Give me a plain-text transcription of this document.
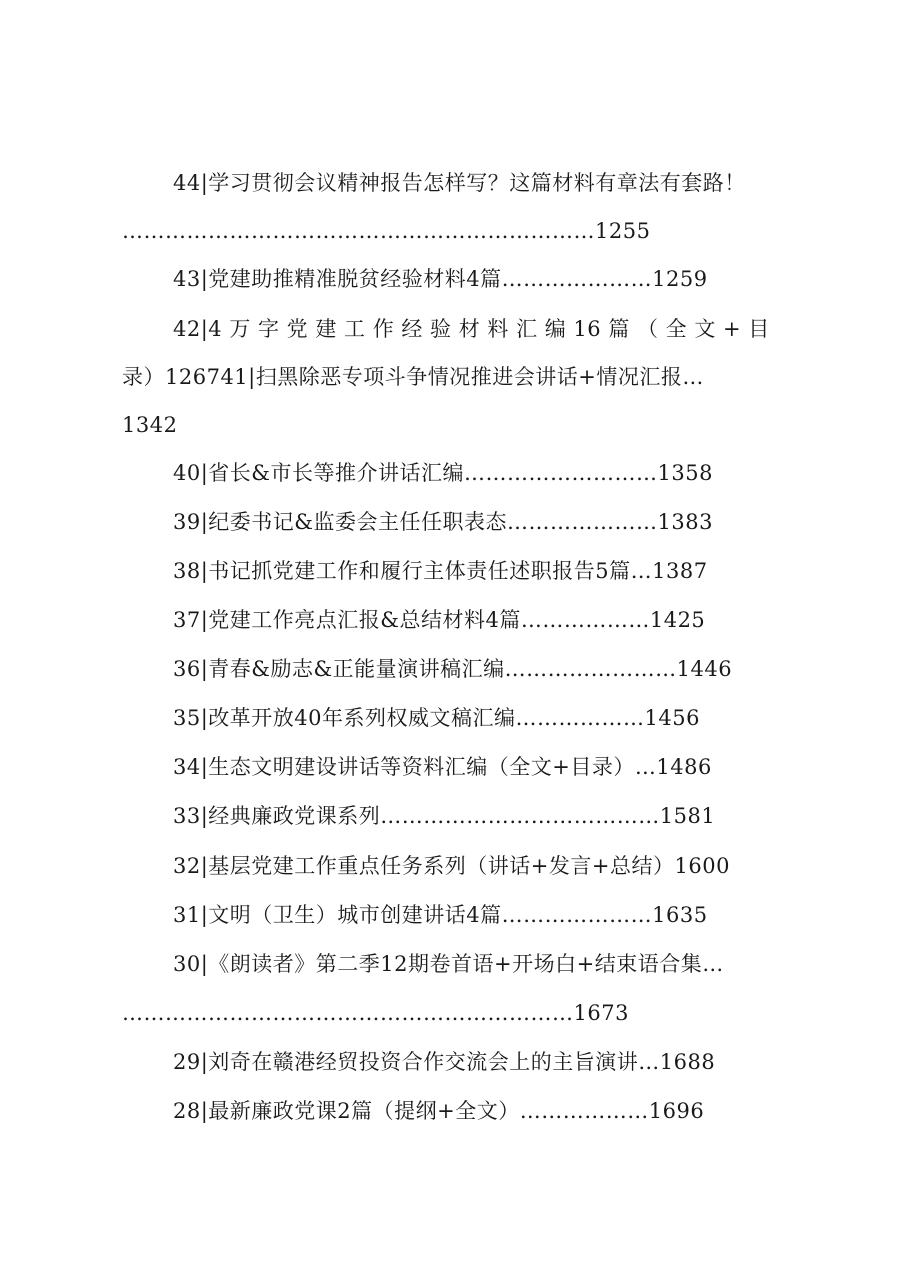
44|学习贯彻会议精神报告怎样写？这篇材料有章法有套路！
…………………………………………………………1255
43|党建助推精准脱贫经验材料4篇…………………1259
42|4 万 字 党 建 工 作 经 验 材 料 汇 编 16 篇 （ 全 文 + 目
录）126741|扫黑除恶专项斗争情况推进会讲话+情况汇报…
1342
40|省长&市长等推介讲话汇编………………………1358
39|纪委书记&监委会主任任职表态…………………1383
38|书记抓党建工作和履行主体责任述职报告5篇…1387
37|党建工作亮点汇报&总结材料4篇………………1425
36|青春&励志&正能量演讲稿汇编……………………1446
35|改革开放40年系列权威文稿汇编………………1456
34|生态文明建设讲话等资料汇编（全文+目录）…1486
33|经典廉政党课系列…………………………………1581
32|基层党建工作重点任务系列（讲话+发言+总结）1600
31|文明（卫生）城市创建讲话4篇…………………1635
30|《朗读者》第二季12期卷首语+开场白+结束语合集…
………………………………………………………1673
29|刘奇在赣港经贸投资合作交流会上的主旨演讲…1688
28|最新廉政党课2篇（提纲+全文）………………1696
